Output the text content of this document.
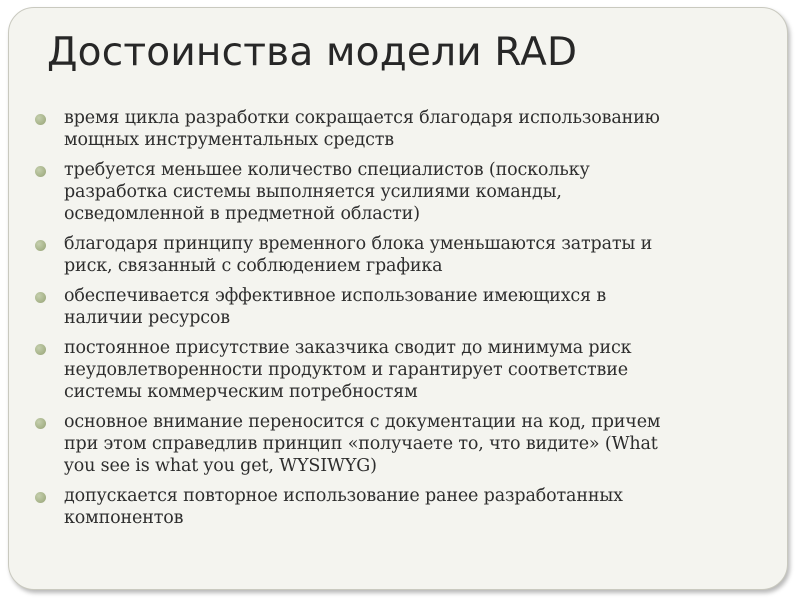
Достоинства модели RAD
время цикла разработки сокращается благодаря использованию
мощных инструментальных средств
требуется меньшее количество специалистов (поскольку
разработка системы выполняется усилиями команды,
осведомленной в предметной области)
благодаря принципу временного блока уменьшаются затраты и
риск, связанный с соблюдением графика
обеспечивается эффективное использование имеющихся в
наличии ресурсов
постоянное присутствие заказчика сводит до минимума риск
неудовлетворенности продуктом и гарантирует соответствие
системы коммерческим потребностям
основное внимание переносится с документации на код, причем
при этом справедлив принцип «получаете то, что видите» (What
you see is what you get, WYSIWYG)
допускается повторное использование ранее разработанных
компонентов
